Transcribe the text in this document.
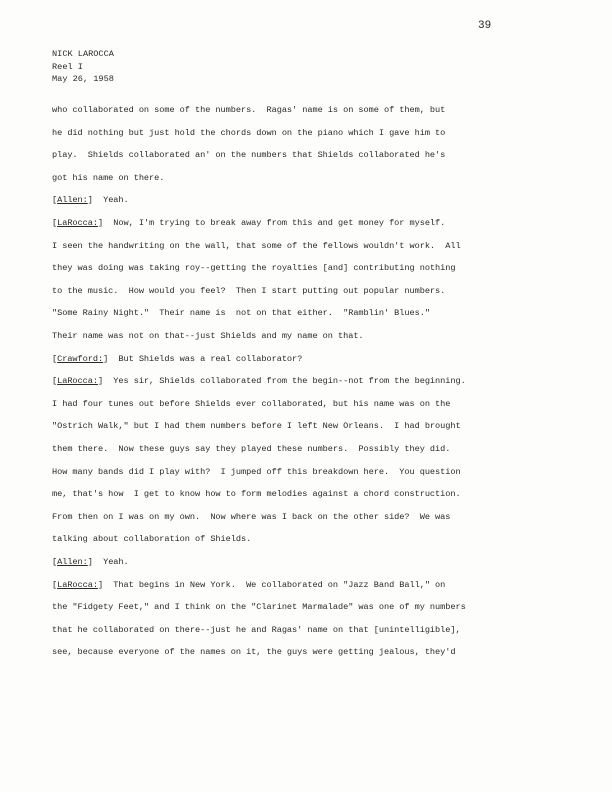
39
NICK LAROCCA
Reel I
May 26, 1958
who collaborated on some of the numbers.  Ragas' name is on some of them, but
he did nothing but just hold the chords down on the piano which I gave him to
play.  Shields collaborated an' on the numbers that Shields collaborated he's
got his name on there.
[Allen:]  Yeah.
[LaRocca:]  Now, I'm trying to break away from this and get money for myself.
I seen the handwriting on the wall, that some of the fellows wouldn't work.  All
they was doing was taking roy--getting the royalties [and] contributing nothing
to the music.  How would you feel?  Then I start putting out popular numbers.
"Some Rainy Night."  Their name is  not on that either.  "Ramblin' Blues."
Their name was not on that--just Shields and my name on that.
[Crawford:]  But Shields was a real collaborator?
[LaRocca:]  Yes sir, Shields collaborated from the begin--not from the beginning.
I had four tunes out before Shields ever collaborated, but his name was on the
"Ostrich Walk," but I had them numbers before I left New Orleans.  I had brought
them there.  Now these guys say they played these numbers.  Possibly they did.
How many bands did I play with?  I jumped off this breakdown here.  You question
me, that's how  I get to know how to form melodies against a chord construction.
From then on I was on my own.  Now where was I back on the other side?  We was
talking about collaboration of Shields.
[Allen:]  Yeah.
[LaRocca:]  That begins in New York.  We collaborated on "Jazz Band Ball," on
the "Fidgety Feet," and I think on the "Clarinet Marmalade" was one of my numbers
that he collaborated on there--just he and Ragas' name on that [unintelligible],
see, because everyone of the names on it, the guys were getting jealous, they'd
